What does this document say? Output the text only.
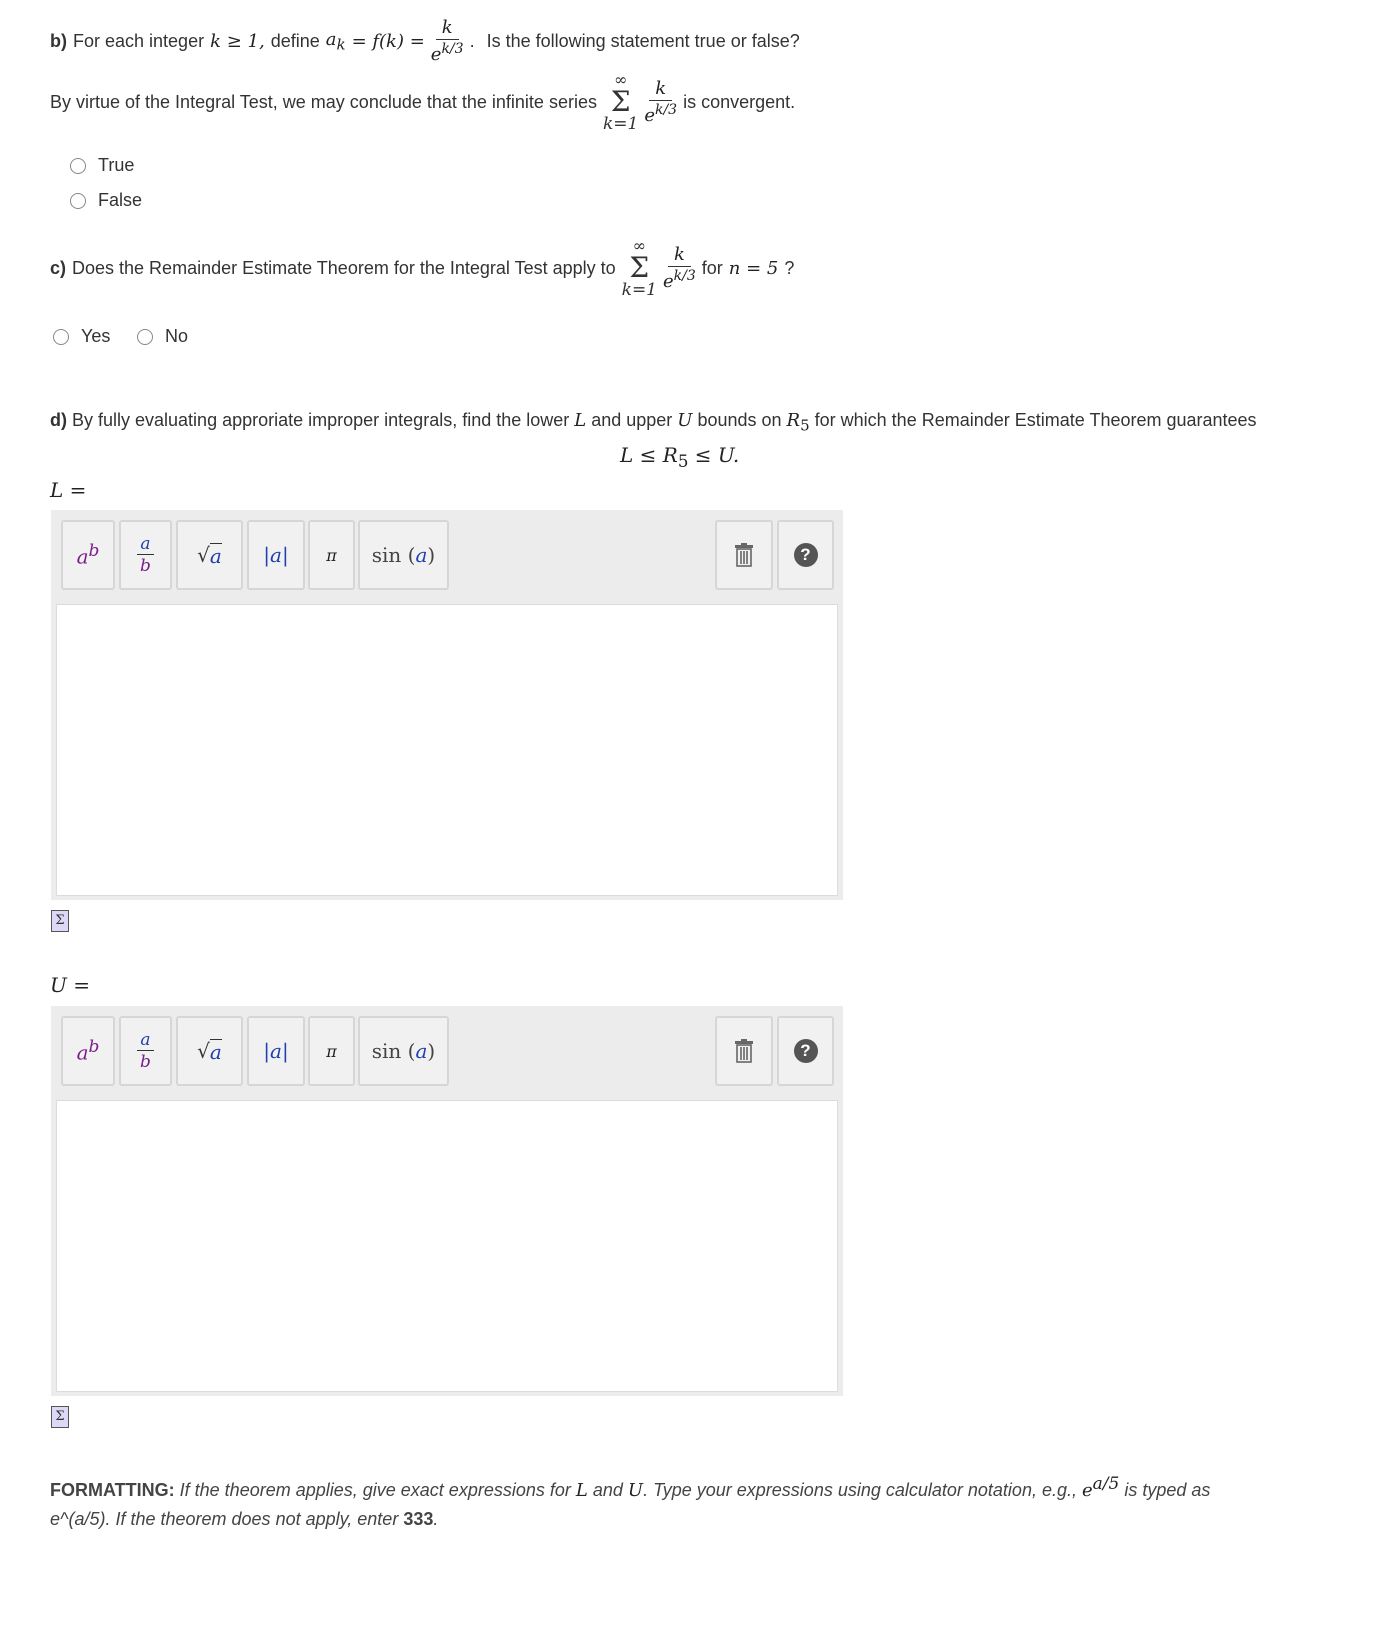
b) For each integer k ≥ 1, define $a_k = f(k) = \frac{k}{e^{k/3}}$ . Is the following statement true or false?
By virtue of the Integral Test, we may conclude that the infinite series
∞
Σ
$k=1 \frac{k}{e^{k/3}}$ is convergent.
True
False
c) Does the Remainder Estimate Theorem for the Integral Test apply to
∞
Σ
$k=1 \frac{k}{e^{k/3}}$ for n = 5 ?
Yes	No
d) By fully evaluating approriate improper integrals, find the lower L and upper U bounds on $R_5$ for which the Remainder Estimate Theorem guarantees
$L \le R_5 \le U$.
L =
$a^b \frac{a}{b}$ √ a |a| π sin ( a )	?
Σ
U =
$a^b \frac{a}{b}$ √ a |a| π sin ( a )	?
Σ
FORMATTING: If the theorem applies, give exact expressions for L and U. Type your expressions using calculator notation, e.g., $e^{a/5}$ is typed as
e^(a/5). If the theorem does not apply, enter 333.
